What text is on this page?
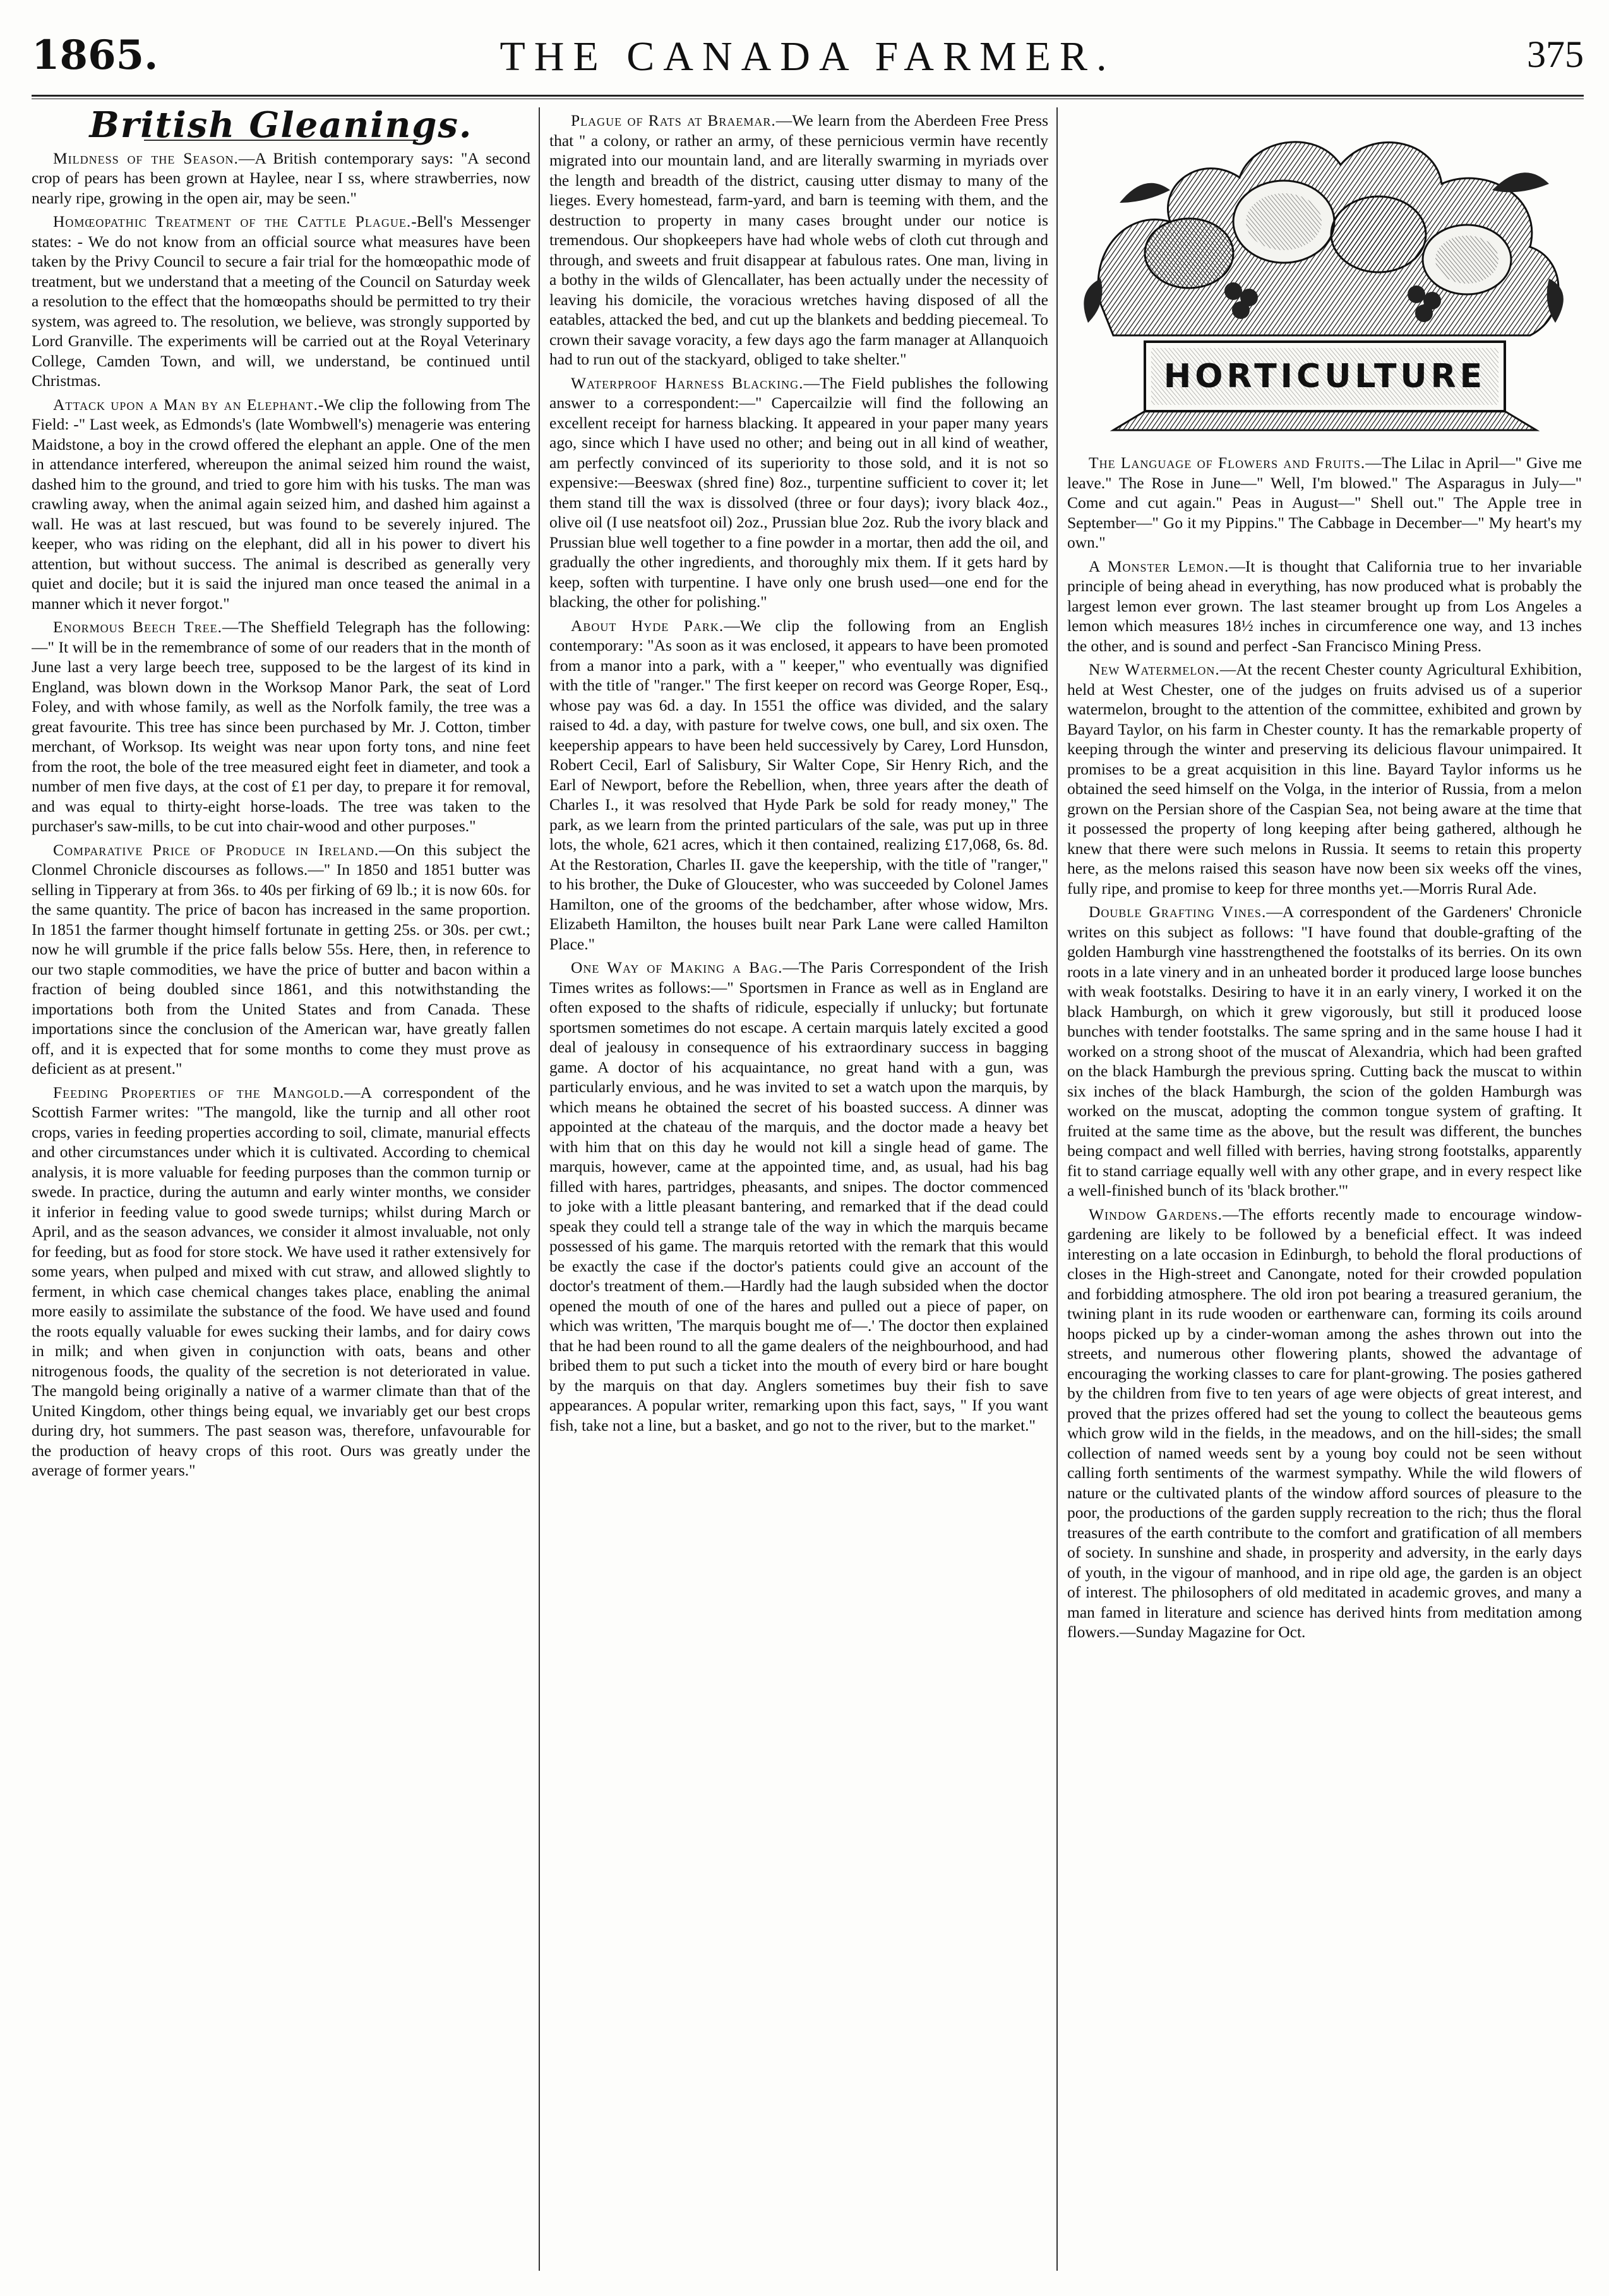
1865.	THE CANADA FARMER.	375
British Gleanings.

Mildness of the Season.—A British contemporary says: "A second crop of pears has been grown at Haylee, near I ss, where strawberries, now nearly ripe, growing in the open air, may be seen."

Homœopathic Treatment of the Cattle Plague.-Bell's Messenger states: - We do not know from an official source what measures have been taken by the Privy Council to secure a fair trial for the homœopathic mode of treatment, but we understand that a meeting of the Council on Saturday week a resolution to the effect that the homœopaths should be permitted to try their system, was agreed to. The resolution, we believe, was strongly supported by Lord Granville. The experiments will be carried out at the Royal Veterinary College, Camden Town, and will, we understand, be continued until Christmas.

Attack upon a Man by an Elephant.-We clip the following from The Field: -" Last week, as Edmonds's (late Wombwell's) menagerie was entering Maidstone, a boy in the crowd offered the elephant an apple. One of the men in attendance interfered, whereupon the animal seized him round the waist, dashed him to the ground, and tried to gore him with his tusks. The man was crawling away, when the animal again seized him, and dashed him against a wall. He was at last rescued, but was found to be severely injured. The keeper, who was riding on the elephant, did all in his power to divert his attention, but without success. The animal is described as generally very quiet and docile; but it is said the injured man once teased the animal in a manner which it never forgot."

Enormous Beech Tree.—The Sheffield Telegraph has the following:—" It will be in the remembrance of some of our readers that in the month of June last a very large beech tree, supposed to be the largest of its kind in England, was blown down in the Worksop Manor Park, the seat of Lord Foley, and with whose family, as well as the Norfolk family, the tree was a great favourite. This tree has since been purchased by Mr. J. Cotton, timber merchant, of Worksop. Its weight was near upon forty tons, and nine feet from the root, the bole of the tree measured eight feet in diameter, and took a number of men five days, at the cost of £1 per day, to prepare it for removal, and was equal to thirty-eight horse-loads. The tree was taken to the purchaser's saw-mills, to be cut into chair-wood and other purposes."

Comparative Price of Produce in Ireland.—On this subject the Clonmel Chronicle discourses as follows.—" In 1850 and 1851 butter was selling in Tipperary at from 36s. to 40s per firking of 69 lb.; it is now 60s. for the same quantity. The price of bacon has increased in the same proportion. In 1851 the farmer thought himself fortunate in getting 25s. or 30s. per cwt.; now he will grumble if the price falls below 55s. Here, then, in reference to our two staple commodities, we have the price of butter and bacon within a fraction of being doubled since 1861, and this notwithstanding the importations both from the United States and from Canada. These importations since the conclusion of the American war, have greatly fallen off, and it is expected that for some months to come they must prove as deficient as at present."

Feeding Properties of the Mangold.—A correspondent of the Scottish Farmer writes: "The mangold, like the turnip and all other root crops, varies in feeding properties according to soil, climate, manurial effects and other circumstances under which it is cultivated. According to chemical analysis, it is more valuable for feeding purposes than the common turnip or swede. In practice, during the autumn and early winter months, we consider it inferior in feeding value to good swede turnips; whilst during March or April, and as the season advances, we consider it almost invaluable, not only for feeding, but as food for store stock. We have used it rather extensively for some years, when pulped and mixed with cut straw, and allowed slightly to ferment, in which case chemical changes takes place, enabling the animal more easily to assimilate the substance of the food. We have used and found the roots equally valuable for ewes sucking their lambs, and for dairy cows in milk; and when given in conjunction with oats, beans and other nitrogenous foods, the quality of the secretion is not deteriorated in value. The mangold being originally a native of a warmer climate than that of the United Kingdom, other things being equal, we invariably get our best crops during dry, hot summers. The past season was, therefore, unfavourable for the production of heavy crops of this root. Ours was greatly under the average of former years."

Plague of Rats at Braemar.—We learn from the Aberdeen Free Press that " a colony, or rather an army, of these pernicious vermin have recently migrated into our mountain land, and are literally swarming in myriads over the length and breadth of the district, causing utter dismay to many of the lieges. Every homestead, farm-yard, and barn is teeming with them, and the destruction to property in many cases brought under our notice is tremendous. Our shopkeepers have had whole webs of cloth cut through and through, and sweets and fruit disappear at fabulous rates. One man, living in a bothy in the wilds of Glencallater, has been actually under the necessity of leaving his domicile, the voracious wretches having disposed of all the eatables, attacked the bed, and cut up the blankets and bedding piecemeal. To crown their savage voracity, a few days ago the farm manager at Allanquoich had to run out of the stackyard, obliged to take shelter."

Waterproof Harness Blacking.—The Field publishes the following answer to a correspondent:—" Capercailzie will find the following an excellent receipt for harness blacking. It appeared in your paper many years ago, since which I have used no other; and being out in all kind of weather, am perfectly convinced of its superiority to those sold, and it is not so expensive:—Beeswax (shred fine) 8oz., turpentine sufficient to cover it; let them stand till the wax is dissolved (three or four days); ivory black 4oz., olive oil (I use neatsfoot oil) 2oz., Prussian blue 2oz. Rub the ivory black and Prussian blue well together to a fine powder in a mortar, then add the oil, and gradually the other ingredients, and thoroughly mix them. If it gets hard by keep, soften with turpentine. I have only one brush used—one end for the blacking, the other for polishing."

About Hyde Park.—We clip the following from an English contemporary: "As soon as it was enclosed, it appears to have been promoted from a manor into a park, with a " keeper," who eventually was dignified with the title of "ranger." The first keeper on record was George Roper, Esq., whose pay was 6d. a day. In 1551 the office was divided, and the salary raised to 4d. a day, with pasture for twelve cows, one bull, and six oxen. The keepership appears to have been held successively by Carey, Lord Hunsdon, Robert Cecil, Earl of Salisbury, Sir Walter Cope, Sir Henry Rich, and the Earl of Newport, before the Rebellion, when, three years after the death of Charles I., it was resolved that Hyde Park be sold for ready money," The park, as we learn from the printed particulars of the sale, was put up in three lots, the whole, 621 acres, which it then contained, realizing £17,068, 6s. 8d. At the Restoration, Charles II. gave the keepership, with the title of "ranger," to his brother, the Duke of Gloucester, who was succeeded by Colonel James Hamilton, one of the grooms of the bedchamber, after whose widow, Mrs. Elizabeth Hamilton, the houses built near Park Lane were called Hamilton Place."

One Way of Making a Bag.—The Paris Correspondent of the Irish Times writes as follows:—" Sportsmen in France as well as in England are often exposed to the shafts of ridicule, especially if unlucky; but fortunate sportsmen sometimes do not escape. A certain marquis lately excited a good deal of jealousy in consequence of his extraordinary success in bagging game. A doctor of his acquaintance, no great hand with a gun, was particularly envious, and he was invited to set a watch upon the marquis, by which means he obtained the secret of his boasted success. A dinner was appointed at the chateau of the marquis, and the doctor made a heavy bet with him that on this day he would not kill a single head of game. The marquis, however, came at the appointed time, and, as usual, had his bag filled with hares, partridges, pheasants, and snipes. The doctor commenced to joke with a little pleasant bantering, and remarked that if the dead could speak they could tell a strange tale of the way in which the marquis became possessed of his game. The marquis retorted with the remark that this would be exactly the case if the doctor's patients could give an account of the doctor's treatment of them.—Hardly had the laugh subsided when the doctor opened the mouth of one of the hares and pulled out a piece of paper, on which was written, 'The marquis bought me of—.' The doctor then explained that he had been round to all the game dealers of the neighbourhood, and had bribed them to put such a ticket into the mouth of every bird or hare bought by the marquis on that day. Anglers sometimes buy their fish to save appearances. A popular writer, remarking upon this fact, says, " If you want fish, take not a line, but a basket, and go not to the river, but to the market."

HORTICULTURE

The Language of Flowers and Fruits.—The Lilac in April—" Give me leave." The Rose in June—" Well, I'm blowed." The Asparagus in July—" Come and cut again." Peas in August—" Shell out." The Apple tree in September—" Go it my Pippins." The Cabbage in December—" My heart's my own."

A Monster Lemon.—It is thought that California true to her invariable principle of being ahead in everything, has now produced what is probably the largest lemon ever grown. The last steamer brought up from Los Angeles a lemon which measures 18½ inches in circumference one way, and 13 inches the other, and is sound and perfect -San Francisco Mining Press.

New Watermelon.—At the recent Chester county Agricultural Exhibition, held at West Chester, one of the judges on fruits advised us of a superior watermelon, brought to the attention of the committee, exhibited and grown by Bayard Taylor, on his farm in Chester county. It has the remarkable property of keeping through the winter and preserving its delicious flavour unimpaired. It promises to be a great acquisition in this line. Bayard Taylor informs us he obtained the seed himself on the Volga, in the interior of Russia, from a melon grown on the Persian shore of the Caspian Sea, not being aware at the time that it possessed the property of long keeping after being gathered, although he knew that there were such melons in Russia. It seems to retain this property here, as the melons raised this season have now been six weeks off the vines, fully ripe, and promise to keep for three months yet.—Morris Rural Ade.

Double Grafting Vines.—A correspondent of the Gardeners' Chronicle writes on this subject as follows: "I have found that double-grafting of the golden Hamburgh vine hasstrengthened the footstalks of its berries. On its own roots in a late vinery and in an unheated border it produced large loose bunches with weak footstalks. Desiring to have it in an early vinery, I worked it on the black Hamburgh, on which it grew vigorously, but still it produced loose bunches with tender footstalks. The same spring and in the same house I had it worked on a strong shoot of the muscat of Alexandria, which had been grafted on the black Hamburgh the previous spring. Cutting back the muscat to within six inches of the black Hamburgh, the scion of the golden Hamburgh was worked on the muscat, adopting the common tongue system of grafting. It fruited at the same time as the above, but the result was different, the bunches being compact and well filled with berries, having strong footstalks, apparently fit to stand carriage equally well with any other grape, and in every respect like a well-finished bunch of its 'black brother.'"

Window Gardens.—The efforts recently made to encourage window-gardening are likely to be followed by a beneficial effect. It was indeed interesting on a late occasion in Edinburgh, to behold the floral productions of closes in the High-street and Canongate, noted for their crowded population and forbidding atmosphere. The old iron pot bearing a treasured geranium, the twining plant in its rude wooden or earthenware can, forming its coils around hoops picked up by a cinder-woman among the ashes thrown out into the streets, and numerous other flowering plants, showed the advantage of encouraging the working classes to care for plant-growing. The posies gathered by the children from five to ten years of age were objects of great interest, and proved that the prizes offered had set the young to collect the beauteous gems which grow wild in the fields, in the meadows, and on the hill-sides; the small collection of named weeds sent by a young boy could not be seen without calling forth sentiments of the warmest sympathy. While the wild flowers of nature or the cultivated plants of the window afford sources of pleasure to the poor, the productions of the garden supply recreation to the rich; thus the floral treasures of the earth contribute to the comfort and gratification of all members of society. In sunshine and shade, in prosperity and adversity, in the early days of youth, in the vigour of manhood, and in ripe old age, the garden is an object of interest. The philosophers of old meditated in academic groves, and many a man famed in literature and science has derived hints from meditation among flowers.—Sunday Magazine for Oct.
